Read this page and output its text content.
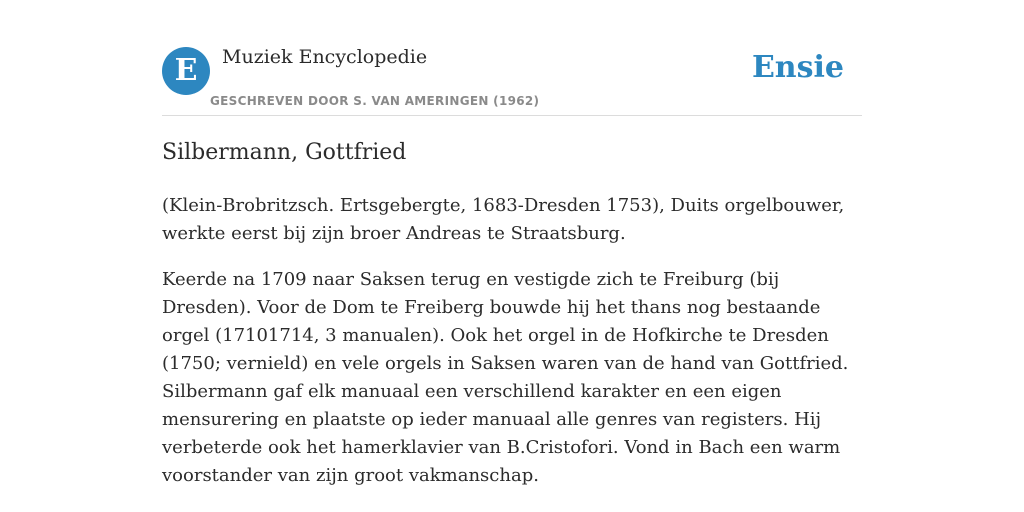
E	Muziek Encyclopedie
GESCHREVEN DOOR S. VAN AMERINGEN (1962)
Ensie
Silbermann, Gottfried

(Klein-Brobritzsch. Ertsgebergte, 1683-Dresden 1753), Duits orgelbouwer, werkte eerst bij zijn broer Andreas te Straatsburg.

Keerde na 1709 naar Saksen terug en vestigde zich te Freiburg (bij Dresden). Voor de Dom te Freiberg bouwde hij het thans nog bestaande orgel (17101714, 3 manualen). Ook het orgel in de Hofkirche te Dresden (1750; vernield) en vele orgels in Saksen waren van de hand van Gottfried. Silbermann gaf elk manuaal een verschillend karakter en een eigen mensurering en plaatste op ieder manuaal alle genres van registers. Hij verbeterde ook het hamerklavier van B.Cristofori. Vond in Bach een warm voorstander van zijn groot vakmanschap.
